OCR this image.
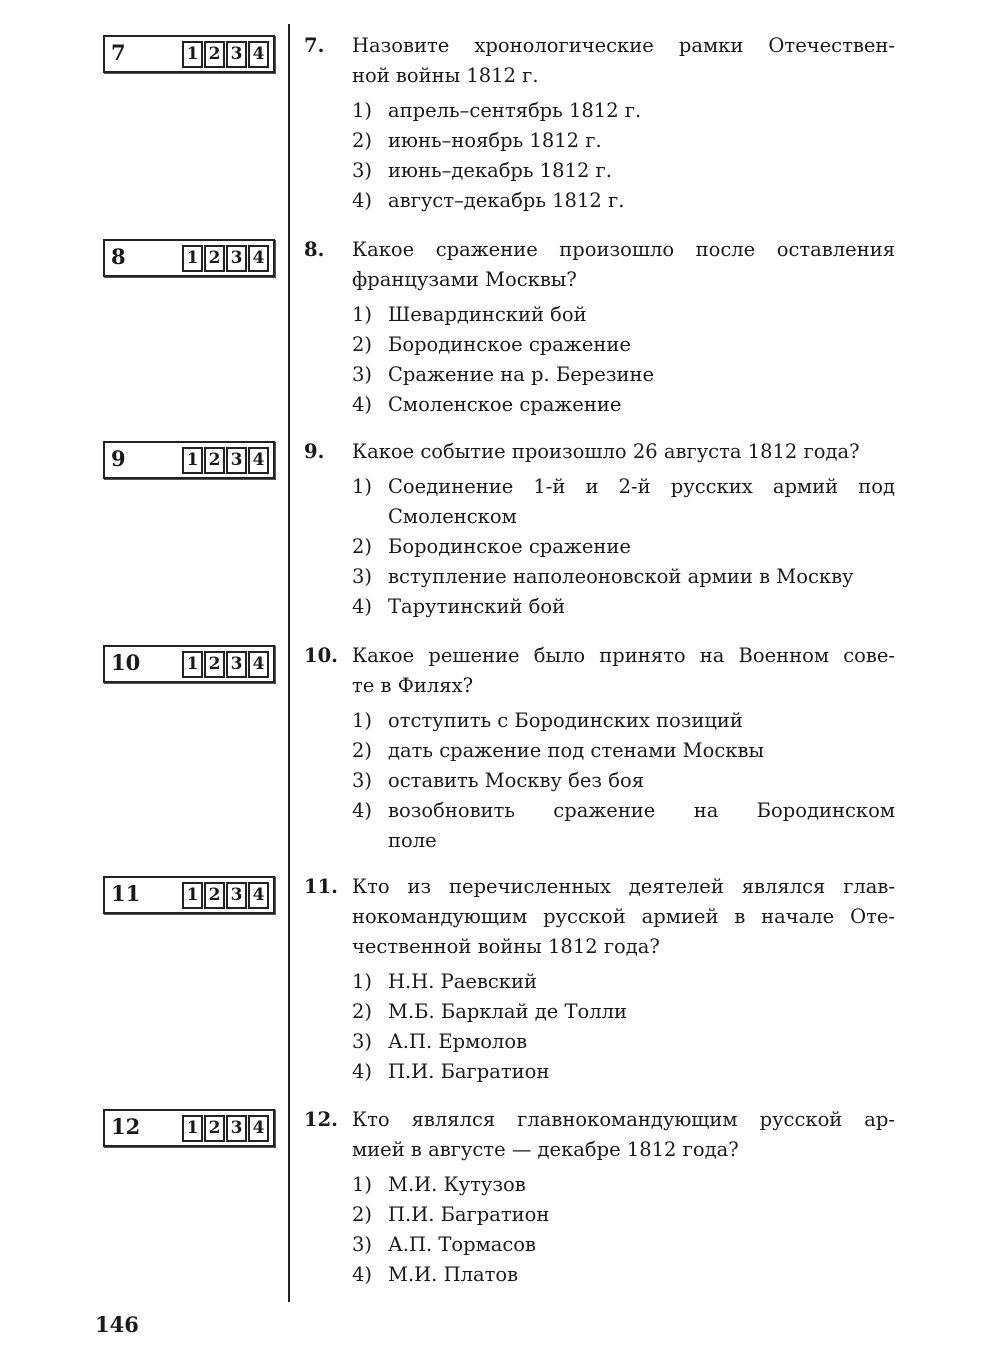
7	1 2 3 4 7. Назовите хронологические рамки Отечествен-
ной войны 1812 г.
1) апрель–сентябрь 1812 г.
2) июнь–ноябрь 1812 г.
3) июнь–декабрь 1812 г.
4) август–декабрь 1812 г.
8	1 2 3 4 8. Какое сражение произошло после оставления
французами Москвы?
1) Шевардинский бой
2) Бородинское сражение
3) Сражение на р. Березине
4) Смоленское сражение
9	1 2 3 4 9. Какое событие произошло 26 августа 1812 года?
1) Соединение 1-й и 2-й русских армий под
Смоленском
2) Бородинское сражение
3) вступление наполеоновской армии в Москву
4) Тарутинский бой
10	1 2 3 4 10. Какое решение было принято на Военном сове-
те в Филях?
1) отступить с Бородинских позиций
2) дать сражение под стенами Москвы
3) оставить Москву без боя
4) возобновить сражение на Бородинском
поле
11	1 2 3 4 11. Кто из перечисленных деятелей являлся глав-
нокомандующим русской армией в начале Оте-
чественной войны 1812 года?
1) Н.Н. Раевский
2) М.Б. Барклай де Толли
3) А.П. Ермолов
4) П.И. Багратион
12	1 2 3 4 12. Кто являлся главнокомандующим русской ар-
мией в августе — декабре 1812 года?
1) М.И. Кутузов
2) П.И. Багратион
3) А.П. Тормасов
4) М.И. Платов
146
